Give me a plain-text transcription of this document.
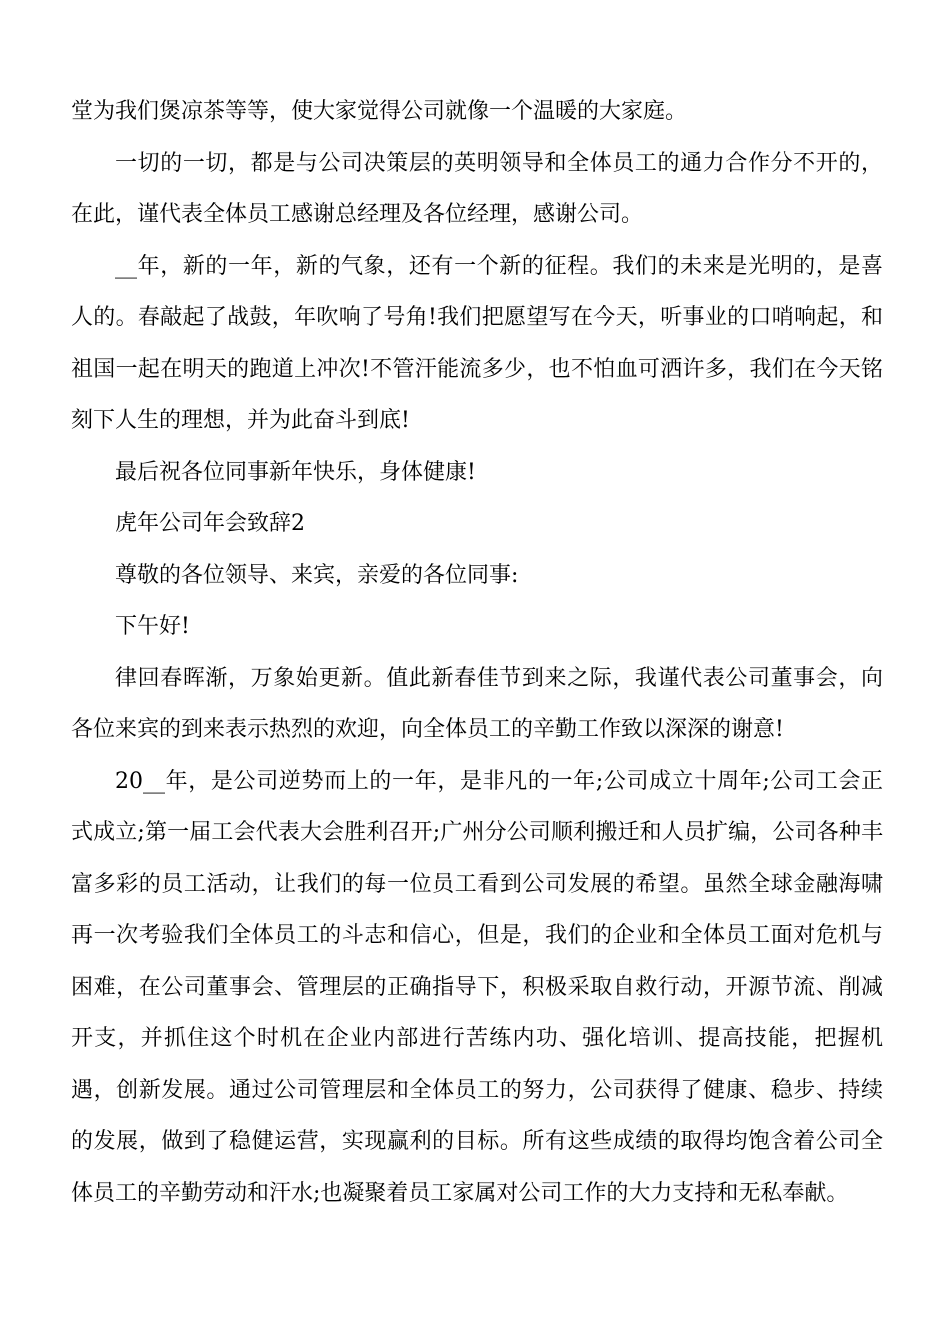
堂为我们煲凉茶等等，使大家觉得公司就像一个温暖的大家庭。

一切的一切，都是与公司决策层的英明领导和全体员工的通力合作分不开的，在此，谨代表全体员工感谢总经理及各位经理，感谢公司。

__年，新的一年，新的气象，还有一个新的征程。我们的未来是光明的，是喜人的。春敲起了战鼓，年吹响了号角!我们把愿望写在今天，听事业的口哨响起，和祖国一起在明天的跑道上冲次!不管汗能流多少，也不怕血可洒许多，我们在今天铭刻下人生的理想，并为此奋斗到底!

最后祝各位同事新年快乐，身体健康!

虎年公司年会致辞2

尊敬的各位领导、来宾，亲爱的各位同事:

下午好!

律回春晖渐，万象始更新。值此新春佳节到来之际，我谨代表公司董事会，向各位来宾的到来表示热烈的欢迎，向全体员工的辛勤工作致以深深的谢意!

20__年，是公司逆势而上的一年，是非凡的一年;公司成立十周年;公司工会正式成立;第一届工会代表大会胜利召开;广州分公司顺利搬迁和人员扩编，公司各种丰富多彩的员工活动，让我们的每一位员工看到公司发展的希望。虽然全球金融海啸再一次考验我们全体员工的斗志和信心，但是，我们的企业和全体员工面对危机与困难，在公司董事会、管理层的正确指导下，积极采取自救行动，开源节流、削减开支，并抓住这个时机在企业内部进行苦练内功、强化培训、提高技能，把握机遇，创新发展。通过公司管理层和全体员工的努力，公司获得了健康、稳步、持续的发展，做到了稳健运营，实现赢利的目标。所有这些成绩的取得均饱含着公司全体员工的辛勤劳动和汗水;也凝聚着员工家属对公司工作的大力支持和无私奉献。
